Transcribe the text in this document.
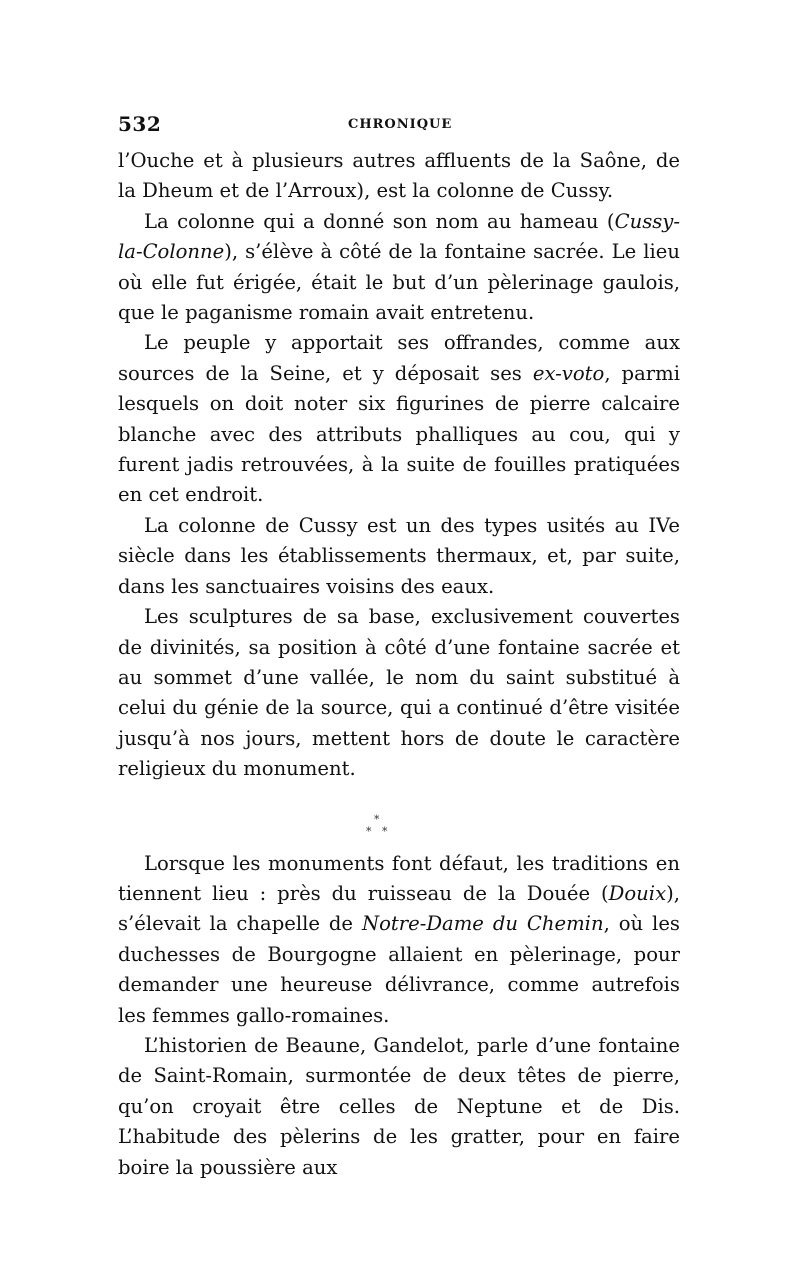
532	CHRONIQUE

l’Ouche et à plusieurs autres affluents de la Saône, de la Dheum et de l’Arroux), est la colonne de Cussy.

La colonne qui a donné son nom au hameau (Cussy-la-Colonne), s’élève à côté de la fontaine sacrée. Le lieu où elle fut érigée, était le but d’un pèlerinage gaulois, que le paganisme romain avait entretenu.

Le peuple y apportait ses offrandes, comme aux sources de la Seine, et y déposait ses ex-voto, parmi lesquels on doit noter six figurines de pierre calcaire blanche avec des attributs phalliques au cou, qui y furent jadis retrouvées, à la suite de fouilles pratiquées en cet endroit.

La colonne de Cussy est un des types usités au IVe siècle dans les établissements thermaux, et, par suite, dans les sanctuaires voisins des eaux.

Les sculptures de sa base, exclusivement couvertes de divinités, sa position à côté d’une fontaine sacrée et au sommet d’une vallée, le nom du saint substitué à celui du génie de la source, qui a continué d’être visitée jusqu’à nos jours, mettent hors de doute le caractère religieux du monument.

*
* *

Lorsque les monuments font défaut, les traditions en tiennent lieu : près du ruisseau de la Douée (Douix), s’élevait la chapelle de Notre-Dame du Chemin, où les duchesses de Bourgogne allaient en pèlerinage, pour demander une heureuse délivrance, comme autrefois les femmes gallo-romaines.

L’historien de Beaune, Gandelot, parle d’une fontaine de Saint-Romain, surmontée de deux têtes de pierre, qu’on croyait être celles de Neptune et de Dis. L’habitude des pèlerins de les gratter, pour en faire boire la poussière aux
